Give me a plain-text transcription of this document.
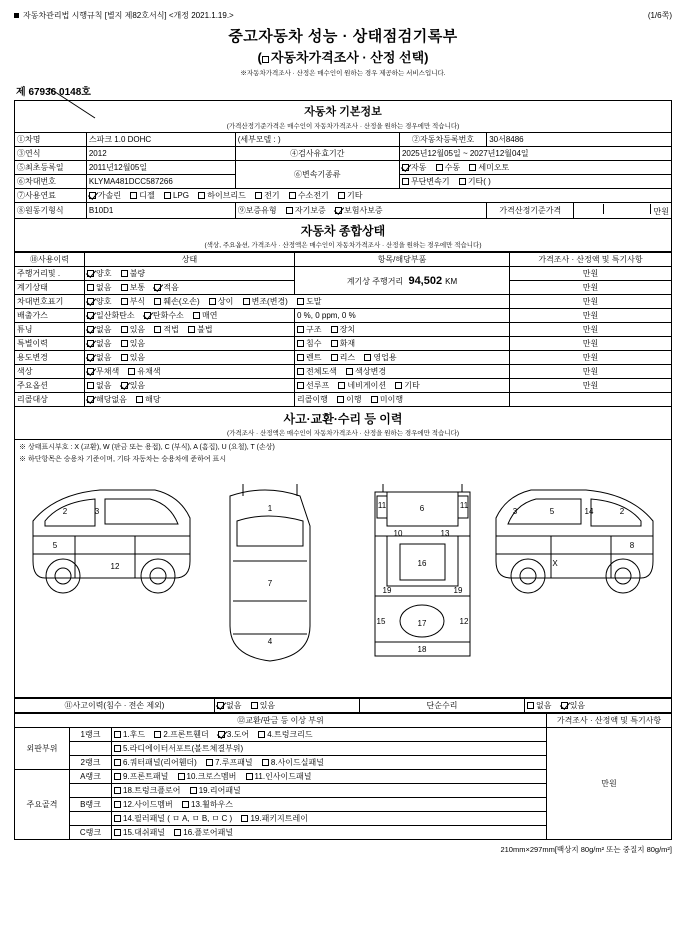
자동차관리법 시행규칙 [별지 제82호서식] <개정 2021.1.19.>	(1/6쪽)
중고자동차 성능 · 상태점검기록부
( 자동차가격조사 · 산정 선택)
※자동차가격조사 · 산정은 매수인이 원하는 경우 제공하는 서비스입니다.
제 67936 0148호
자동차 기본정보
(가격산정기준가격은 매수인이 자동차가격조사 · 산정을 원하는 경우에만 적습니다)					

①차명	스파크 1.0 DOHC	(세부모델 : )	②자동차등록번호	30서8486	
③연식	2012	④검사유효기간	2025년12월05일 ~ 2027년12월04일		
⑤최초등록일	2011년12월05일	⑥변속기종류	자동 수동 세미오토		
⑥차대번호	KLYMA481DCC587266		무단변속기 기타( )		
⑦사용연료	가솔린 디젤 LPG 하이브리드 전기 수소전기 기타				
⑧원동기형식	B10D1	⑨보증유형 자기보증 보험사보증		가격산정기준가격	만원
자동차 종합상태
(색상, 주요옵션, 가격조사 · 산정액은 매수인이 자동차가격조사 · 산정을 원하는 경우에만 적습니다)
⑩사용이력	상태	항목/해당부품	가격조사 · 산정액 및 특기사항
주행거리및 .	양호 불량	계기상 주행거리  94,502 KM	만원
계기상태	없음 보통 적음		만원
차대번호표기	양호 부식 훼손(오손) 상이 변조(변경) 도말		만원
배출가스	일산화탄소 탄화수소 매연	0 %, 0 ppm, 0 %	만원
튜닝	없음 있음 적법 불법	구조 장치	만원
특별이력	없음 있음	침수 화재	만원
용도변경	없음 있음	렌트 리스 영업용	만원
색상	무채색 유채색	전체도색 색상변경	만원
주요옵션	없음 있음	선루프 네비게이션 기타	만원
리콜대상	해당없음 해당	리콜이행 이행 미이행	
사고·교환·수리 등 이력
(가격조사 · 산정액은 매수인이 자동차가격조사 · 산정을 원하는 경우에만 적습니다)
※ 상태표시부호 : X (교환), W (판금 또는 용접), C (부식), A (흠집), U (요철), T (손상)
※ 하단항목은 승용차 기준이며, 기타 자동차는 승용차에 준하여 표시
2	3
5
12
1
7
4
11	6	11
10	13
16
19	19
15	17	12
18
2
14
X
8
5
3
⑪사고이력(침수 · 전손 제외)	없음 있음	단순수리	없음 있음
⑫교환/판금 등 이상 부위			가격조사 · 산정액 및 특기사항
외판부위	1랭크	1.후드 2.프론트휀더 3.도어 4.트렁크리드	만원
		5.라디에이터서포트(볼트체결부위)	
	2랭크	6.쿼터패널(리어휀더) 7.루프패널 8.사이드실패널	
주요골격	A랭크	9.프론트패널 10.크로스멤버 11.인사이드패널	
		18.트렁크플로어 19.리어패널	
	B랭크	12.사이드멤버 13.휠하우스	
		14.필러패널 ( ㅁ A, ㅁ B, ㅁ C ) 19.패키지트레이	
	C랭크	15.대쉬패널 16.플로어패널	
210mm×297mm[백상지 80g/m² 또는 중질지 80g/m²]
